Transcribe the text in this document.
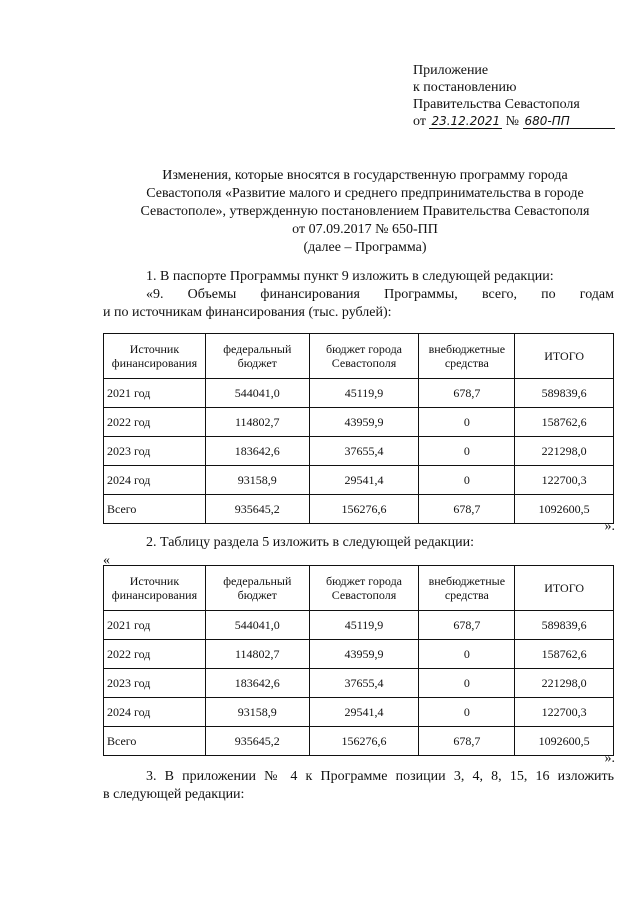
Приложение
к постановлению
Правительства Севастополя
от 23.12.2021 № 680-ПП
Изменения, которые вносятся в государственную программу города
Севастополя «Развитие малого и среднего предпринимательства в городе
Севастополе», утвержденную постановлением Правительства Севастополя
от 07.09.2017 № 650-ПП
(далее – Программа)
1. В паспорте Программы пункт 9 изложить в следующей редакции:
«9. Объемы финансирования Программы, всего, по годам
и по источникам финансирования (тыс. рублей):
Источник финансирования	федеральный бюджет	бюджет города Севастополя	внебюджетные средства	ИТОГО
2021 год	544041,0	45119,9	678,7	589839,6
2022 год	114802,7	43959,9	0	158762,6
2023 год	183642,6	37655,4	0	221298,0
2024 год	93158,9	29541,4	0	122700,3
Всего	935645,2	156276,6	678,7	1092600,5
».
2. Таблицу раздела 5 изложить в следующей редакции:
«
Источник финансирования	федеральный бюджет	бюджет города Севастополя	внебюджетные средства	ИТОГО
2021 год	544041,0	45119,9	678,7	589839,6
2022 год	114802,7	43959,9	0	158762,6
2023 год	183642,6	37655,4	0	221298,0
2024 год	93158,9	29541,4	0	122700,3
Всего	935645,2	156276,6	678,7	1092600,5
».
3. В приложении № 4 к Программе позиции 3, 4, 8, 15, 16 изложить
в следующей редакции:
